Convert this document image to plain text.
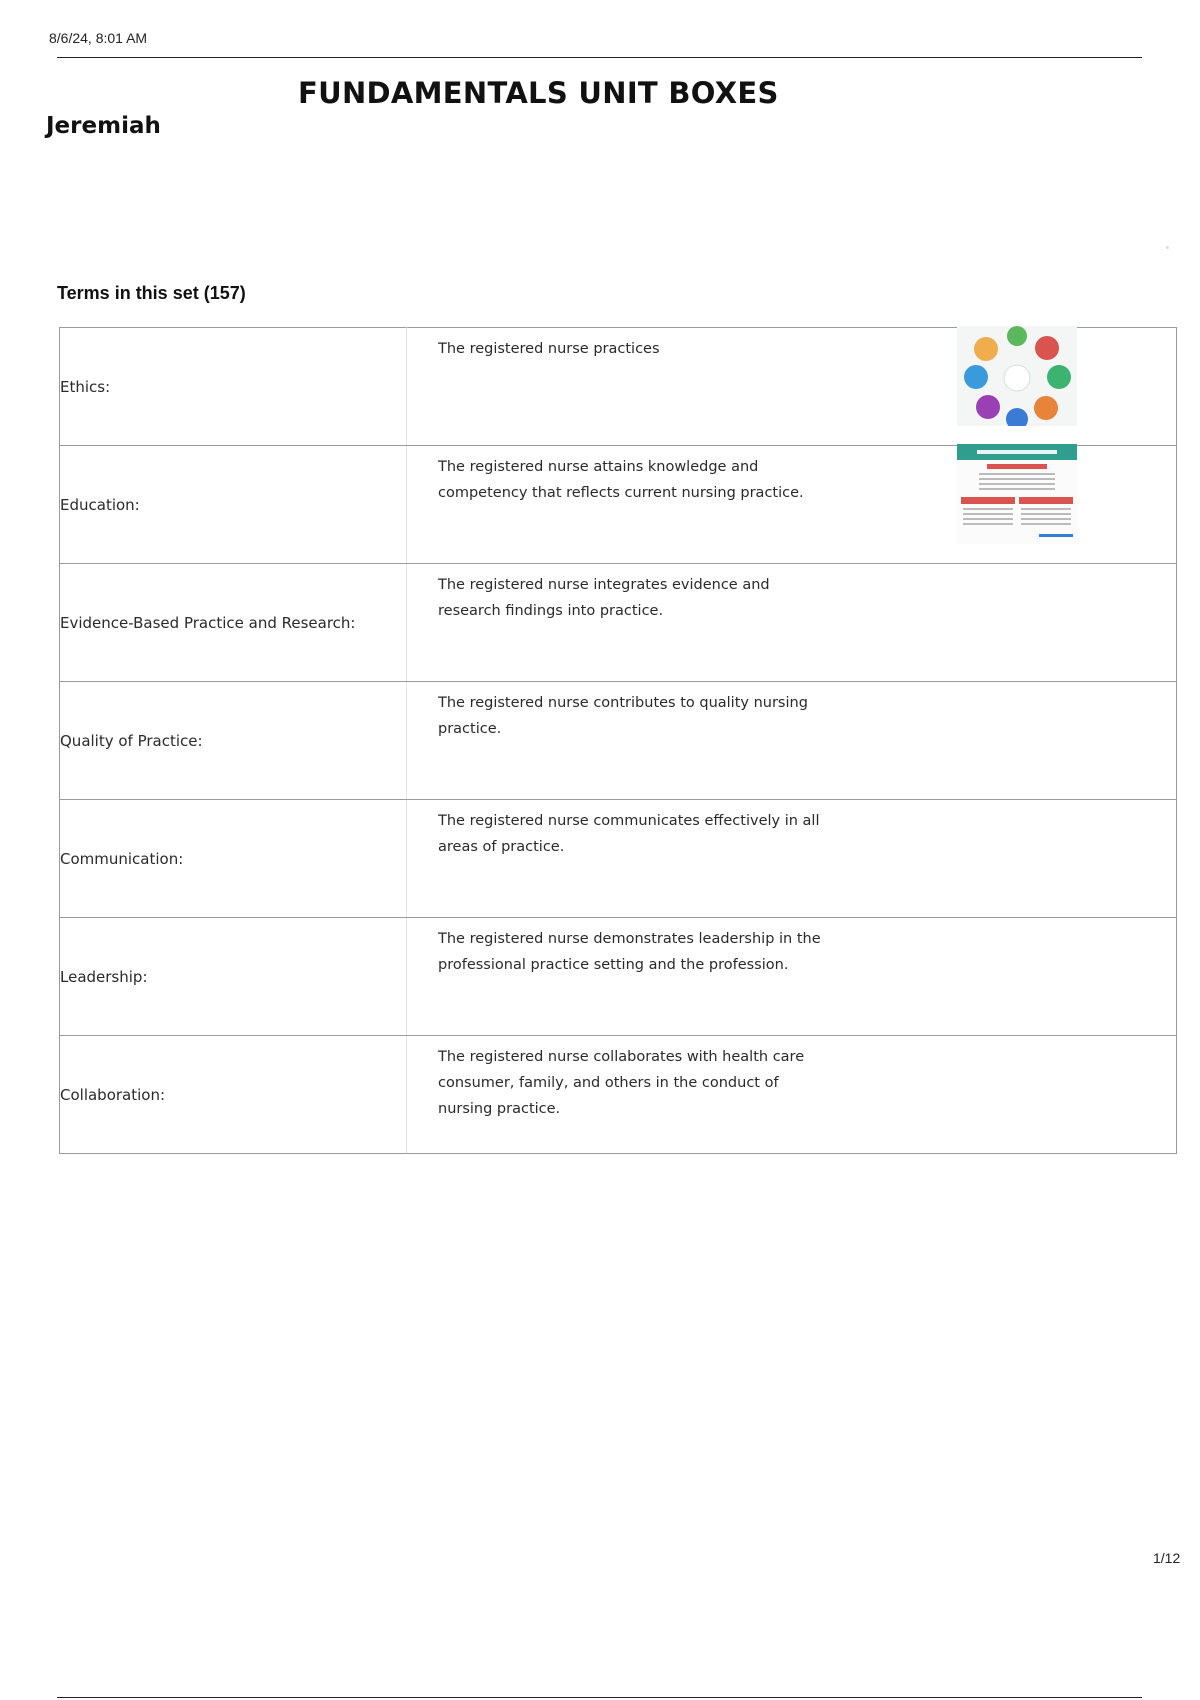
8/6/24, 8:01 AM
FUNDAMENTALS UNIT BOXES
Jeremiah
Terms in this set (157)
Ethics:	The registered nurse practices

Education:	The registered nurse attains knowledge and competency that reflects current nursing practice.

Evidence-Based Practice and Research:	The registered nurse integrates evidence and research findings into practice.

Quality of Practice:	The registered nurse contributes to quality nursing practice.

Communication:	The registered nurse communicates effectively in all areas of practice.

Leadership:	The registered nurse demonstrates leadership in the professional practice setting and the profession.

Collaboration:	The registered nurse collaborates with health care consumer, family, and others in the conduct of nursing practice.
1/12
